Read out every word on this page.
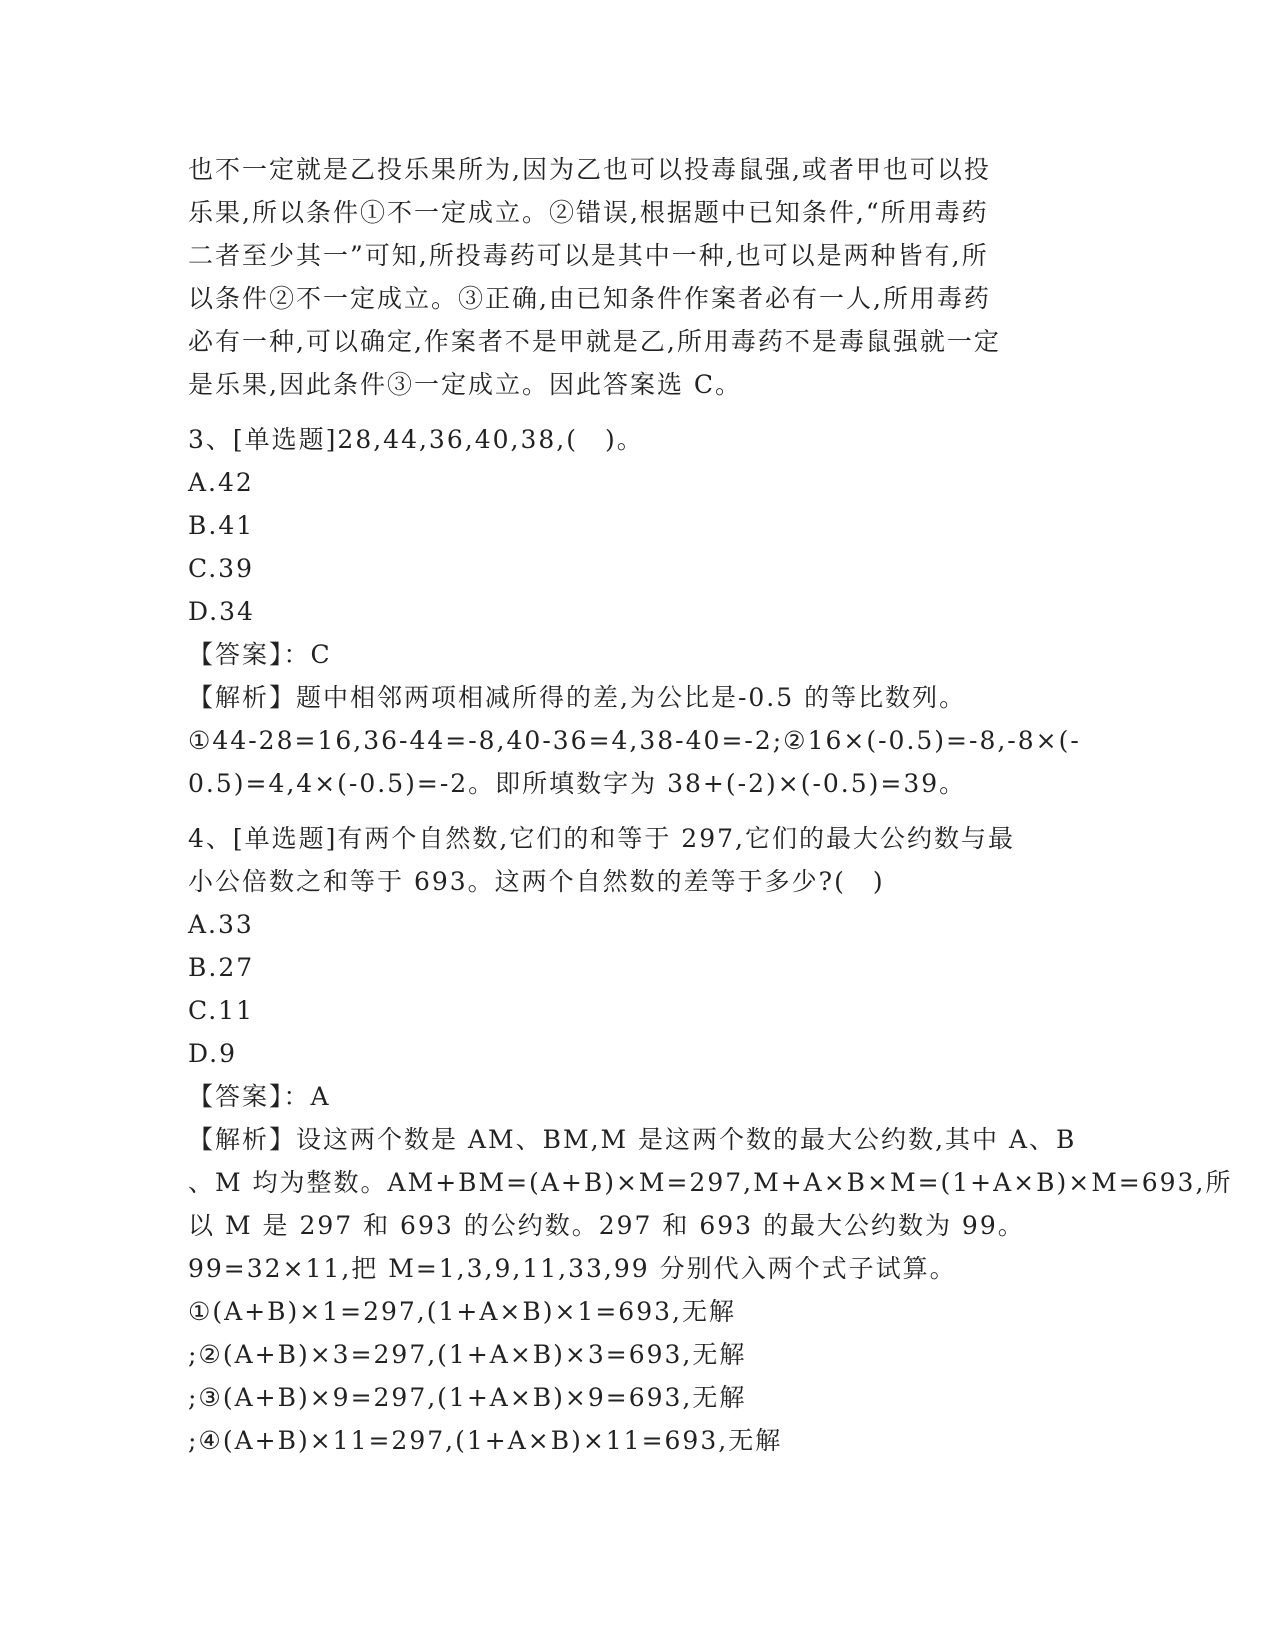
也不一定就是乙投乐果所为,因为乙也可以投毒鼠强,或者甲也可以投
乐果,所以条件①不一定成立。②错误,根据题中已知条件,“所用毒药
二者至少其一”可知,所投毒药可以是其中一种,也可以是两种皆有,所
以条件②不一定成立。③正确,由已知条件作案者必有一人,所用毒药
必有一种,可以确定,作案者不是甲就是乙,所用毒药不是毒鼠强就一定
是乐果,因此条件③一定成立。因此答案选 C。
3、[单选题]28,44,36,40,38,(　)。
A.42
B.41
C.39
D.34
【答案】：C
【解析】题中相邻两项相减所得的差,为公比是-0.5 的等比数列。
①44-28=16,36-44=-8,40-36=4,38-40=-2;②16×(-0.5)=-8,-8×(-
0.5)=4,4×(-0.5)=-2。即所填数字为 38+(-2)×(-0.5)=39。
4、[单选题]有两个自然数,它们的和等于 297,它们的最大公约数与最
小公倍数之和等于 693。这两个自然数的差等于多少?(　)
A.33
B.27
C.11
D.9
【答案】：A
【解析】设这两个数是 AM、BM,M 是这两个数的最大公约数,其中 A、B
、M 均为整数。AM+BM=(A+B)×M=297,M+A×B×M=(1+A×B)×M=693,所
以 M 是 297 和 693 的公约数。297 和 693 的最大公约数为 99。
99=32×11,把 M=1,3,9,11,33,99 分别代入两个式子试算。
①(A+B)×1=297,(1+A×B)×1=693,无解
;②(A+B)×3=297,(1+A×B)×3=693,无解
;③(A+B)×9=297,(1+A×B)×9=693,无解
;④(A+B)×11=297,(1+A×B)×11=693,无解
